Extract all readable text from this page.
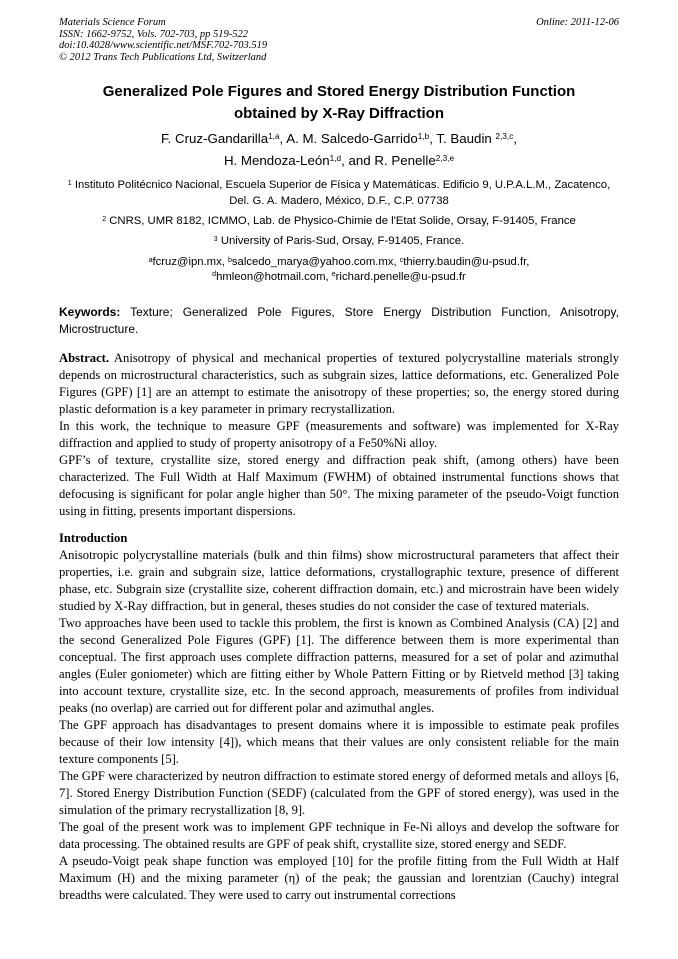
Materials Science Forum
ISSN: 1662-9752, Vols. 702-703, pp 519-522
doi:10.4028/www.scientific.net/MSF.702-703.519
© 2012 Trans Tech Publications Ltd, Switzerland
Online: 2011-12-06
Generalized Pole Figures and Stored Energy Distribution Function
obtained by X-Ray Diffraction
F. Cruz-Gandarilla$^{1,a}$, A. M. Salcedo-Garrido$^{1,b}$, T. Baudin $^{2,3,c}$,
H. Mendoza-León$^{1,d}$, and R. Penelle$^{2,3,e}$
$^1$ Instituto Politécnico Nacional, Escuela Superior de Física y Matemáticas. Edificio 9, U.P.A.L.M., Zacatenco, Del. G. A. Madero, México, D.F., C.P. 07738
$^2$ CNRS, UMR 8182, ICMMO, Lab. de Physico-Chimie de l'Etat Solide, Orsay, F-91405, France
$^3$ University of Paris-Sud, Orsay, F-91405, France.
$^a$fcruz@ipn.mx, $^b$salcedo_marya@yahoo.com.mx, $^c$thierry.baudin@u-psud.fr,
$^d$hmleon@hotmail.com, $^e$richard.penelle@u-psud.fr

Keywords: Texture; Generalized Pole Figures, Store Energy Distribution Function, Anisotropy, Microstructure.

Abstract. Anisotropy of physical and mechanical properties of textured polycrystalline materials strongly depends on microstructural characteristics, such as subgrain sizes, lattice deformations, etc. Generalized Pole Figures (GPF) [1] are an attempt to estimate the anisotropy of these properties; so, the energy stored during plastic deformation is a key parameter in primary recrystallization.

In this work, the technique to measure GPF (measurements and software) was implemented for X-Ray diffraction and applied to study of property anisotropy of a Fe50%Ni alloy.

GPF’s of texture, crystallite size, stored energy and diffraction peak shift, (among others) have been characterized. The Full Width at Half Maximum (FWHM) of obtained instrumental functions shows that defocusing is significant for polar angle higher than 50°. The mixing parameter of the pseudo-Voigt function using in fitting, presents important dispersions.

Introduction

Anisotropic polycrystalline materials (bulk and thin films) show microstructural parameters that affect their properties, i.e. grain and subgrain size, lattice deformations, crystallographic texture, presence of different phase, etc. Subgrain size (crystallite size, coherent diffraction domain, etc.) and microstrain have been widely studied by X-Ray diffraction, but in general, theses studies do not consider the case of textured materials.

Two approaches have been used to tackle this problem, the first is known as Combined Analysis (CA) [2] and the second Generalized Pole Figures (GPF) [1]. The difference between them is more experimental than conceptual. The first approach uses complete diffraction patterns, measured for a set of polar and azimuthal angles (Euler goniometer) which are fitting either by Whole Pattern Fitting or by Rietveld method [3] taking into account texture, crystallite size, etc. In the second approach, measurements of profiles from individual peaks (no overlap) are carried out for different polar and azimuthal angles.

The GPF approach has disadvantages to present domains where it is impossible to estimate peak profiles because of their low intensity [4]), which means that their values are only consistent reliable for the main texture components [5].

The GPF were characterized by neutron diffraction to estimate stored energy of deformed metals and alloys [6, 7]. Stored Energy Distribution Function (SEDF) (calculated from the GPF of stored energy), was used in the simulation of the primary recrystallization [8, 9].

The goal of the present work was to implement GPF technique in Fe-Ni alloys and develop the software for data processing. The obtained results are GPF of peak shift, crystallite size, stored energy and SEDF.

A pseudo-Voigt peak shape function was employed [10] for the profile fitting from the Full Width at Half Maximum (H) and the mixing parameter (η) of the peak; the gaussian and lorentzian (Cauchy) integral breadths were calculated. They were used to carry out instrumental corrections
